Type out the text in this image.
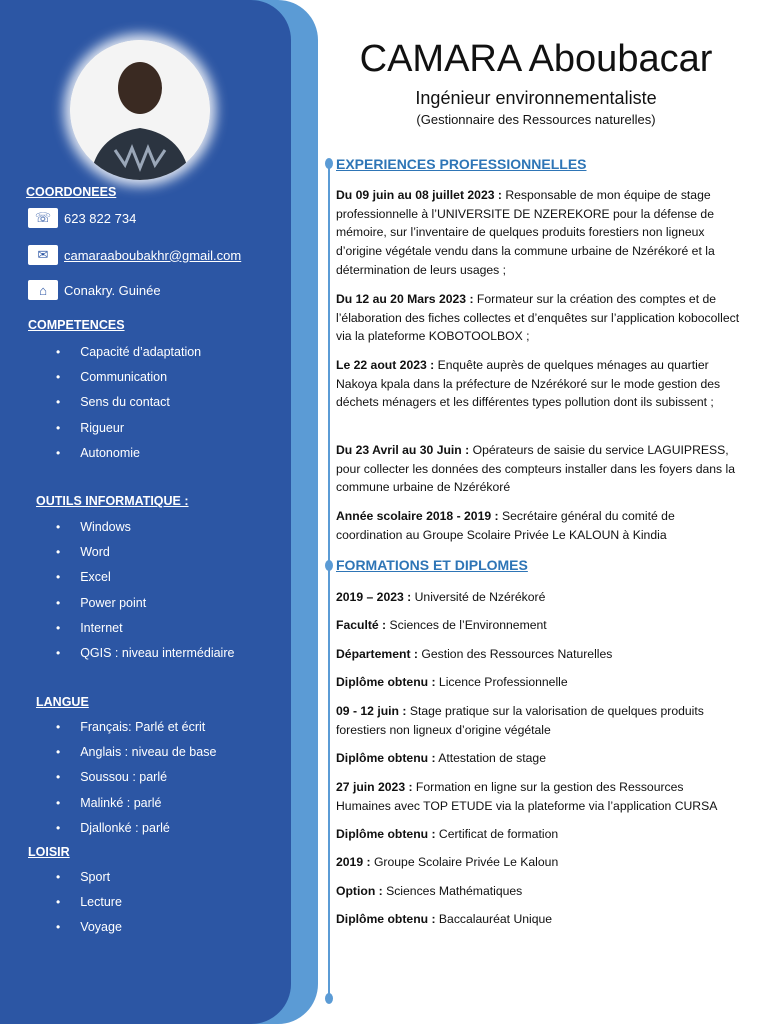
COORDONEES
☏ 623 822 734
✉	camaraaboubakhr@gmail.com
⌂	Conakry. Guinée
COMPETENCES
• Capacité d’adaptation
• Communication
• Sens du contact
• Rigueur
• Autonomie
OUTILS INFORMATIQUE :
• Windows
• Word
• Excel
• Power point
• Internet
• QGIS : niveau intermédiaire
LANGUE
• Français: Parlé et écrit
• Anglais : niveau de base
• Soussou : parlé
• Malinké : parlé
• Djallonké : parlé
LOISIR
• Sport
• Lecture
• Voyage
CAMARA Aboubacar
Ingénieur environnementaliste
(Gestionnaire des Ressources naturelles)
EXPERIENCES PROFESSIONNELLES
Du 09 juin au 08 juillet 2023 : Responsable de mon équipe de stage professionnelle à l’UNIVERSITE DE NZEREKORE pour la défense de mémoire, sur l’inventaire de quelques produits forestiers non ligneux d’origine végétale vendu dans la commune urbaine de Nzérékoré et la détermination de leurs usages ;
Du 12 au 20 Mars 2023 : Formateur sur la création des comptes et de l’élaboration des fiches collectes et d’enquêtes sur l’application kobocollect via la plateforme KOBOTOOLBOX ;
Le 22 aout 2023 : Enquête auprès de quelques ménages au quartier Nakoya kpala dans la préfecture de Nzérékoré sur le mode gestion des déchets ménagers et les différentes types pollution dont ils subissent ;
Du 23 Avril au 30 Juin : Opérateurs de saisie du service LAGUIPRESS, pour collecter les données des compteurs installer dans les foyers dans la commune urbaine de Nzérékoré
Année scolaire 2018 - 2019 : Secrétaire général du comité de coordination au Groupe Scolaire Privée Le KALOUN à Kindia
FORMATIONS ET DIPLOMES
2019 – 2023 : Université de Nzérékoré
Faculté : Sciences de l’Environnement
Département : Gestion des Ressources Naturelles
Diplôme obtenu : Licence Professionnelle
09 - 12 juin : Stage pratique sur la valorisation de quelques produits forestiers non ligneux d’origine végétale
Diplôme obtenu : Attestation de stage
27 juin 2023 : Formation en ligne sur la gestion des Ressources Humaines avec TOP ETUDE via la plateforme via l’application CURSA
Diplôme obtenu : Certificat de formation
2019 : Groupe Scolaire Privée Le Kaloun
Option : Sciences Mathématiques
Diplôme obtenu : Baccalauréat Unique
